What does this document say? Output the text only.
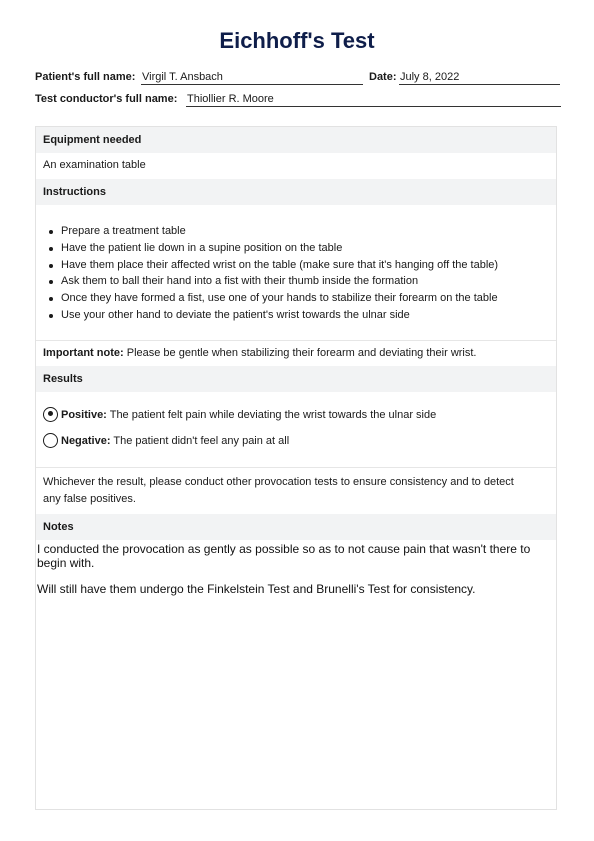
Eichhoff's Test
Patient's full name: Virgil T. Ansbach	Date: July 8, 2022
Test conductor's full name: Thiollier R. Moore
Equipment needed
An examination table
Instructions
Prepare a treatment table
Have the patient lie down in a supine position on the table
Have them place their affected wrist on the table (make sure that it's hanging off the table)
Ask them to ball their hand into a fist with their thumb inside the formation
Once they have formed a fist, use one of your hands to stabilize their forearm on the table
Use your other hand to deviate the patient's wrist towards the ulnar side
Important note: Please be gentle when stabilizing their forearm and deviating their wrist.
Results
Positive: The patient felt pain while deviating the wrist towards the ulnar side
Negative: The patient didn't feel any pain at all
Whichever the result, please conduct other provocation tests to ensure consistency and to detect
any false positives.
Notes

I conducted the provocation as gently as possible so as to not cause pain that wasn't there to
begin with.

Will still have them undergo the Finkelstein Test and Brunelli's Test for consistency.
